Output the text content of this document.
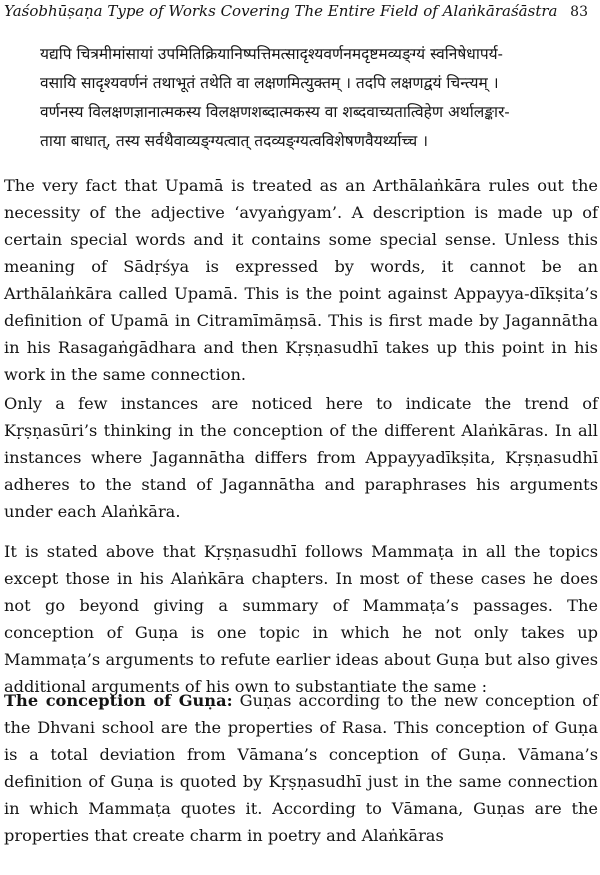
Yaśobhūṣaṇa Type of Works Covering The Entire Field of Alaṅkāraśāstra 83
यद्यपि चित्रमीमांसायां उपमितिक्रियानिष्पत्तिमत्सादृश्यवर्णनमदृष्टमव्यङ्ग्यं स्वनिषेधापर्य-
वसायि सादृश्यवर्णनं तथाभूतं तथेति वा लक्षणमित्युक्तम् । तदपि लक्षणद्वयं चिन्त्यम् ।
वर्णनस्य विलक्षणज्ञानात्मकस्य विलक्षणशब्दात्मकस्य वा शब्दवाच्यतात्विहेण अर्थालङ्कार-
ताया बाधात्, तस्य सर्वथैवाव्यङ्ग्यत्वात् तदव्यङ्ग्यत्वविशेषणवैयर्थ्याच्च ।

The very fact that Upamā is treated as an Arthālaṅkāra rules out the necessity of the adjective ‘avyaṅgyam’. A description is made up of certain special words and it contains some special sense. Unless this meaning of Sādṛśya is expressed by words, it cannot be an Arthālaṅkāra called Upamā. This is the point against Appayya-dīkṣita’s definition of Upamā in Citramīmāṃsā. This is first made by Jagannātha in his Rasagaṅgādhara and then Kṛṣṇasudhī takes up this point in his work in the same connection.

Only a few instances are noticed here to indicate the trend of Kṛṣṇasūri’s thinking in the conception of the different Alaṅkāras. In all instances where Jagannātha differs from Appayyadīkṣita, Kṛṣṇasudhī adheres to the stand of Jagannātha and paraphrases his arguments under each Alaṅkāra.

It is stated above that Kṛṣṇasudhī follows Mammaṭa in all the topics except those in his Alaṅkāra chapters. In most of these cases he does not go beyond giving a summary of Mammaṭa’s passages. The conception of Guṇa is one topic in which he not only takes up Mammaṭa’s arguments to refute earlier ideas about Guṇa but also gives additional arguments of his own to substantiate the same :

The conception of Guṇa: Guṇas according to the new conception of the Dhvani school are the properties of Rasa. This conception of Guṇa is a total deviation from Vāmana’s conception of Guṇa. Vāmana’s definition of Guṇa is quoted by Kṛṣṇasudhī just in the same connection in which Mammaṭa quotes it. According to Vāmana, Guṇas are the properties that create charm in poetry and Alaṅkāras
